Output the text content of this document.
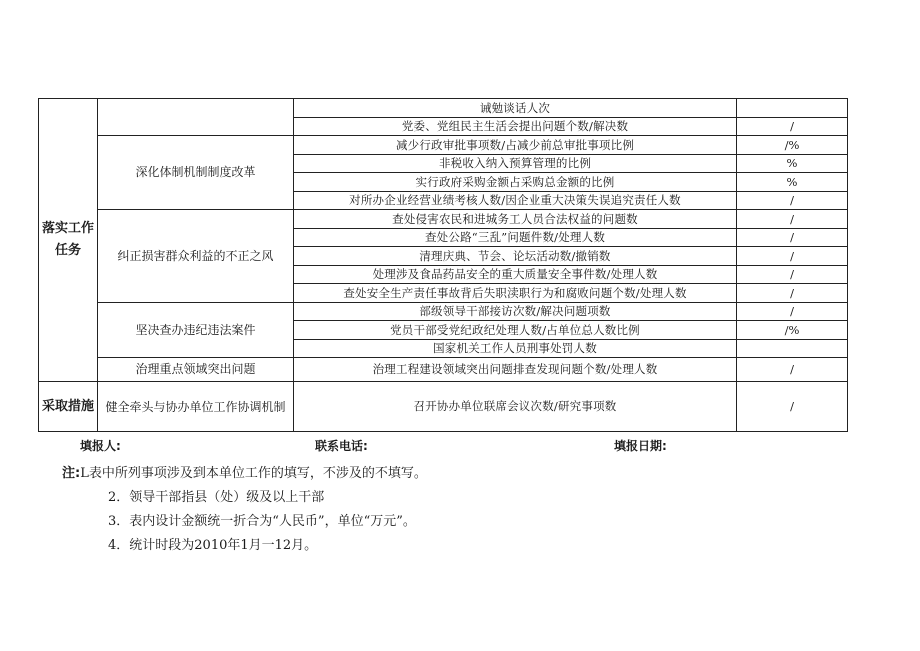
落实工作任务		诫勉谈话人次	
		党委、党组民主生活会提出问题个数/解决数	/
	深化体制机制制度改革	减少行政审批事项数/占减少前总审批事项比例	/%
		非税收入纳入预算管理的比例	%
		实行政府采购金额占采购总金额的比例	%
		对所办企业经营业绩考核人数/因企业重大决策失误追究责任人数	/
	纠正损害群众利益的不正之风	查处侵害农民和进城务工人员合法权益的问题数	/
		查处公路“三乱”问题件数/处理人数	/
		清理庆典、节会、论坛活动数/撤销数	/
		处理涉及食品药品安全的重大质量安全事件数/处理人数	/
		查处安全生产责任事故背后失职渎职行为和腐败问题个数/处理人数	/
	坚决查办违纪违法案件	部级领导干部接访次数/解决问题项数	/
		党员干部受党纪政纪处理人数/占单位总人数比例	/%
		国家机关工作人员刑事处罚人数	
	治理重点领域突出问题	治理工程建设领域突出问题排查发现问题个数/处理人数	/
采取措施	健全牵头与协办单位工作协调机制	召开协办单位联席会议次数/研究事项数	/
填报人:	联系电话:	填报日期:
注:L表中所列事项涉及到本单位工作的填写，不涉及的不填写。
2．领导干部指县（处）级及以上干部
3．表内设计金额统一折合为“人民币”，单位“万元”。
4．统计时段为2010年1月一12月。
